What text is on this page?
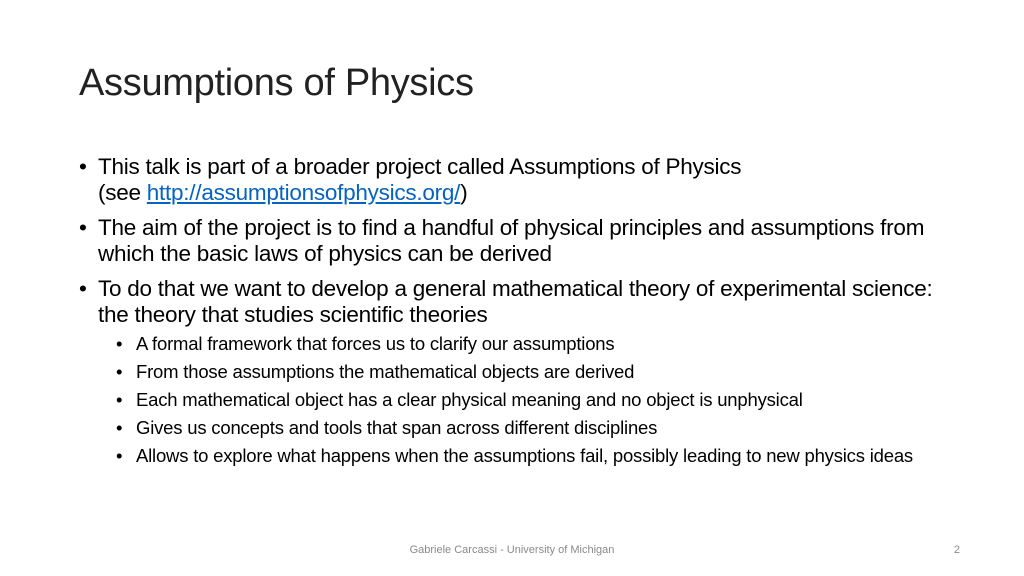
Assumptions of Physics
• This talk is part of a broader project called Assumptions of Physics
(see http://assumptionsofphysics.org/)
• The aim of the project is to find a handful of physical principles and assumptions from which the basic laws of physics can be derived
• To do that we want to develop a general mathematical theory of experimental science: the theory that studies scientific theories
• A formal framework that forces us to clarify our assumptions
• From those assumptions the mathematical objects are derived
• Each mathematical object has a clear physical meaning and no object is unphysical
• Gives us concepts and tools that span across different disciplines
• Allows to explore what happens when the assumptions fail, possibly leading to new physics ideas
Gabriele Carcassi - University of Michigan	2
